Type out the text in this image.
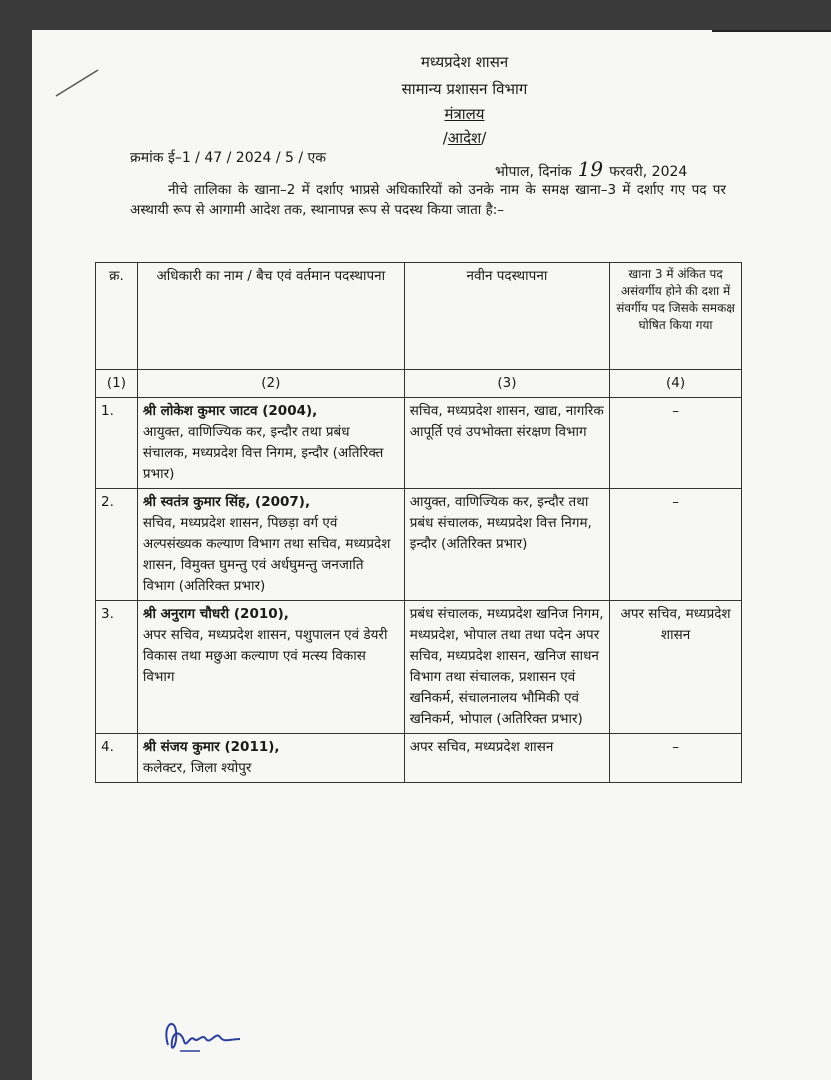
मध्यप्रदेश शासन
सामान्य प्रशासन विभाग
मंत्रालय
/आदेश/
क्रमांक ई–1 / 47 / 2024 / 5 / एक
भोपाल, दिनांक 19 फरवरी, 2024
नीचे तालिका के खाना–2 में दर्शाए भाप्रसे अधिकारियों को उनके नाम के समक्ष खाना–3 में दर्शाए गए पद पर अस्थायी रूप से आगामी आदेश तक, स्थानापन्न रूप से पदस्थ किया जाता है:–
क्र.	अधिकारी का नाम / बैच एवं वर्तमान पदस्थापना	नवीन पदस्थापना	खाना 3 में अंकित पद असंवर्गीय होने की दशा में संवर्गीय पद जिसके समकक्ष घोषित किया गया
(1)	(2)	(3)	(4)
1.	श्री लोकेश कुमार जाटव (2004),
आयुक्त, वाणिज्यिक कर, इन्दौर तथा प्रबंध संचालक, मध्यप्रदेश वित्त निगम, इन्दौर (अतिरिक्त प्रभार)	सचिव, मध्यप्रदेश शासन, खाद्य, नागरिक आपूर्ति एवं उपभोक्ता संरक्षण विभाग	–
2.	श्री स्वतंत्र कुमार सिंह, (2007),
सचिव, मध्यप्रदेश शासन, पिछड़ा वर्ग एवं अल्पसंख्यक कल्याण विभाग तथा सचिव, मध्यप्रदेश शासन, विमुक्त घुमन्तु एवं अर्धघुमन्तु जनजाति विभाग (अतिरिक्त प्रभार)	आयुक्त, वाणिज्यिक कर, इन्दौर तथा प्रबंध संचालक, मध्यप्रदेश वित्त निगम, इन्दौर (अतिरिक्त प्रभार)	–
3.	श्री अनुराग चौधरी (2010),
अपर सचिव, मध्यप्रदेश शासन, पशुपालन एवं डेयरी विकास तथा मछुआ कल्याण एवं मत्स्य विकास विभाग	प्रबंध संचालक, मध्यप्रदेश खनिज निगम, मध्यप्रदेश, भोपाल तथा तथा पदेन अपर सचिव, मध्यप्रदेश शासन, खनिज साधन विभाग तथा संचालक, प्रशासन एवं खनिकर्म, संचालनालय भौमिकी एवं खनिकर्म, भोपाल (अतिरिक्त प्रभार)	अपर सचिव, मध्यप्रदेश शासन
4.	श्री संजय कुमार (2011),
कलेक्टर, जिला श्योपुर	अपर सचिव, मध्यप्रदेश शासन	–
